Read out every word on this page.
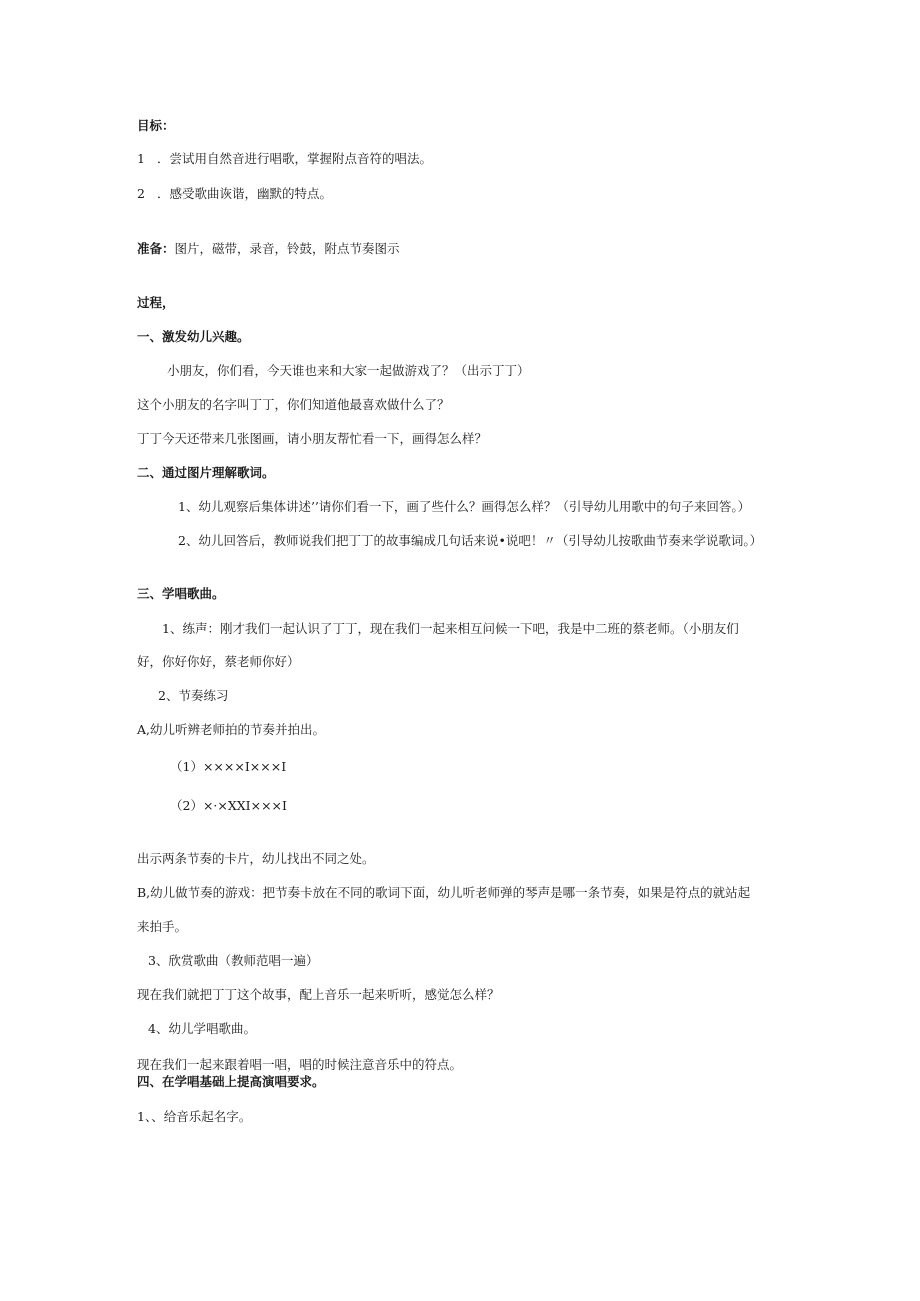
目标：
1 ．尝试用自然音进行唱歌，掌握附点音符的唱法。
2 ．感受歌曲诙谐，幽默的特点。
准备：图片，磁带，录音，铃鼓，附点节奏图示
过程，
一、激发幼儿兴趣。
小朋友，你们看，今天谁也来和大家一起做游戏了？（出示丁丁）
这个小朋友的名字叫丁丁，你们知道他最喜欢做什么了？
丁丁今天还带来几张图画，请小朋友帮忙看一下，画得怎么样？
二、通过图片理解歌词。
1、幼儿观察后集体讲述’’请你们看一下，画了些什么？画得怎么样？（引导幼儿用歌中的句子来回答。）
2、幼儿回答后，教师说我们把丁丁的故事编成几句话来说•说吧！〃（引导幼儿按歌曲节奏来学说歌词。）
三、学唱歌曲。
1、练声：刚才我们一起认识了丁丁，现在我们一起来相互问候一下吧，我是中二班的蔡老师。（小朋友们
好，你好你好，蔡老师你好）
2、节奏练习
A,幼儿听辨老师拍的节奏并拍出。
（1）××××I×××I
（2）×·×XXI×××I
出示两条节奏的卡片，幼儿找出不同之处。
B,幼儿做节奏的游戏：把节奏卡放在不同的歌词下面，幼儿听老师弹的琴声是哪一条节奏，如果是符点的就站起
来拍手。
3、欣赏歌曲（教师范唱一遍）
现在我们就把丁丁这个故事，配上音乐一起来听听，感觉怎么样？
4、幼儿学唱歌曲。
现在我们一起来跟着唱一唱，唱的时候注意音乐中的符点。
四、在学唱基础上提高演唱要求。
1、、给音乐起名字。
